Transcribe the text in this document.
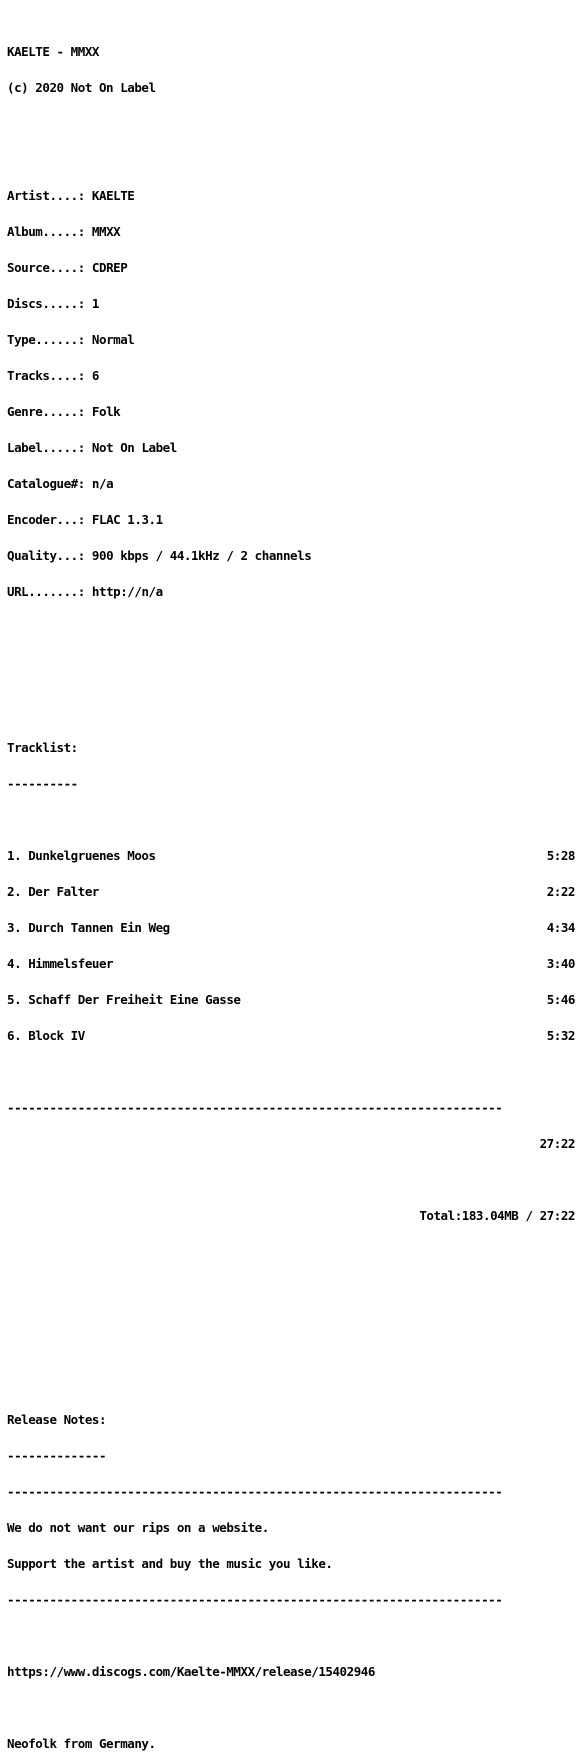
KAELTE - MMXX

(c) 2020 Not On Label

Artist....: KAELTE

Album.....: MMXX

Source....: CDREP

Discs.....: 1

Type......: Normal

Tracks....: 6

Genre.....: Folk

Label.....: Not On Label

Catalogue#: n/a

Encoder...: FLAC 1.3.1

Quality...: 900 kbps / 44.1kHz / 2 channels

URL.......: http://n/a

Tracklist:

----------

1. Dunkelgruenes Moos	5:28

2. Der Falter	2:22

3. Durch Tannen Ein Weg	4:34

4. Himmelsfeuer	3:40

5. Schaff Der Freiheit Eine Gasse	5:46

6. Block IV	5:32

----------------------------------------------------------------------

27:22

Total:183.04MB / 27:22

Release Notes:

--------------

----------------------------------------------------------------------

We do not want our rips on a website.

Support the artist and buy the music you like.

----------------------------------------------------------------------

https://www.discogs.com/Kaelte-MMXX/release/15402946

Neofolk from Germany.
